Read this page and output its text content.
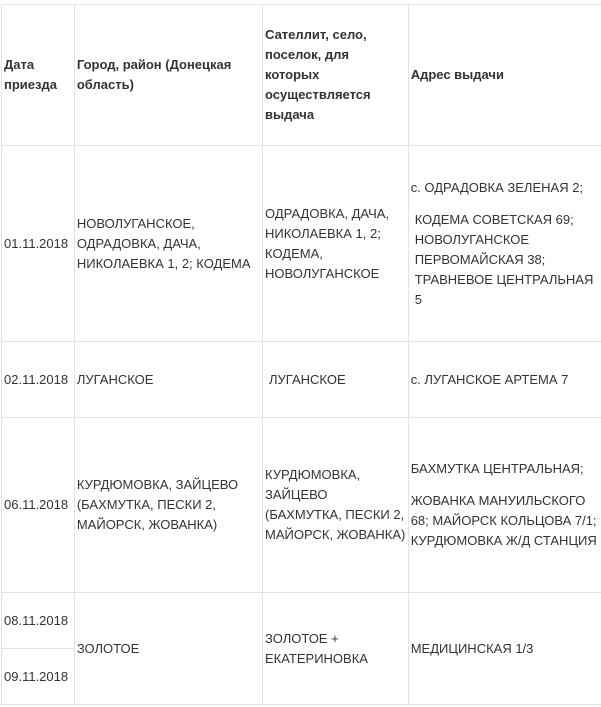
Дата приезда	Город, район (Донецкая область)	Сателлит, село, поселок, для которых осуществляется выдача	Адрес выдачи
01.11.2018	НОВОЛУГАНСКОЕ, ОДРАДОВКА, ДАЧА, НИКОЛАЕВКА 1, 2; КОДЕМА	ОДРАДОВКА, ДАЧА, НИКОЛАЕВКА 1, 2; КОДЕМА, НОВОЛУГАНСКОЕ	с. ОДРАДОВКА ЗЕЛЕНАЯ 2;
КОДЕМА СОВЕТСКАЯ 69; НОВОЛУГАНСКОЕ ПЕРВОМАЙСКАЯ 38; ТРАВНЕВОЕ ЦЕНТРАЛЬНАЯ 5

02.11.2018	ЛУГАНСКОЕ	ЛУГАНСКОЕ	с. ЛУГАНСКОЕ АРТЕМА 7

06.11.2018	КУРДЮМОВКА, ЗАЙЦЕВО (БАХМУТКА, ПЕСКИ 2, МАЙОРСК, ЖОВАНКА)	КУРДЮМОВКА, ЗАЙЦЕВО (БАХМУТКА, ПЕСКИ 2, МАЙОРСК, ЖОВАНКА)	БАХМУТКА ЦЕНТРАЛЬНАЯ;
ЖОВАНКА МАНУИЛЬСКОГО 68; МАЙОРСК КОЛЬЦОВА 7/1; КУРДЮМОВКА Ж/Д СТАНЦИЯ

08.11.2018	ЗОЛОТОЕ	ЗОЛОТОЕ + ЕКАТЕРИНОВКА	МЕДИЦИНСКАЯ 1/3

09.11.2018			
